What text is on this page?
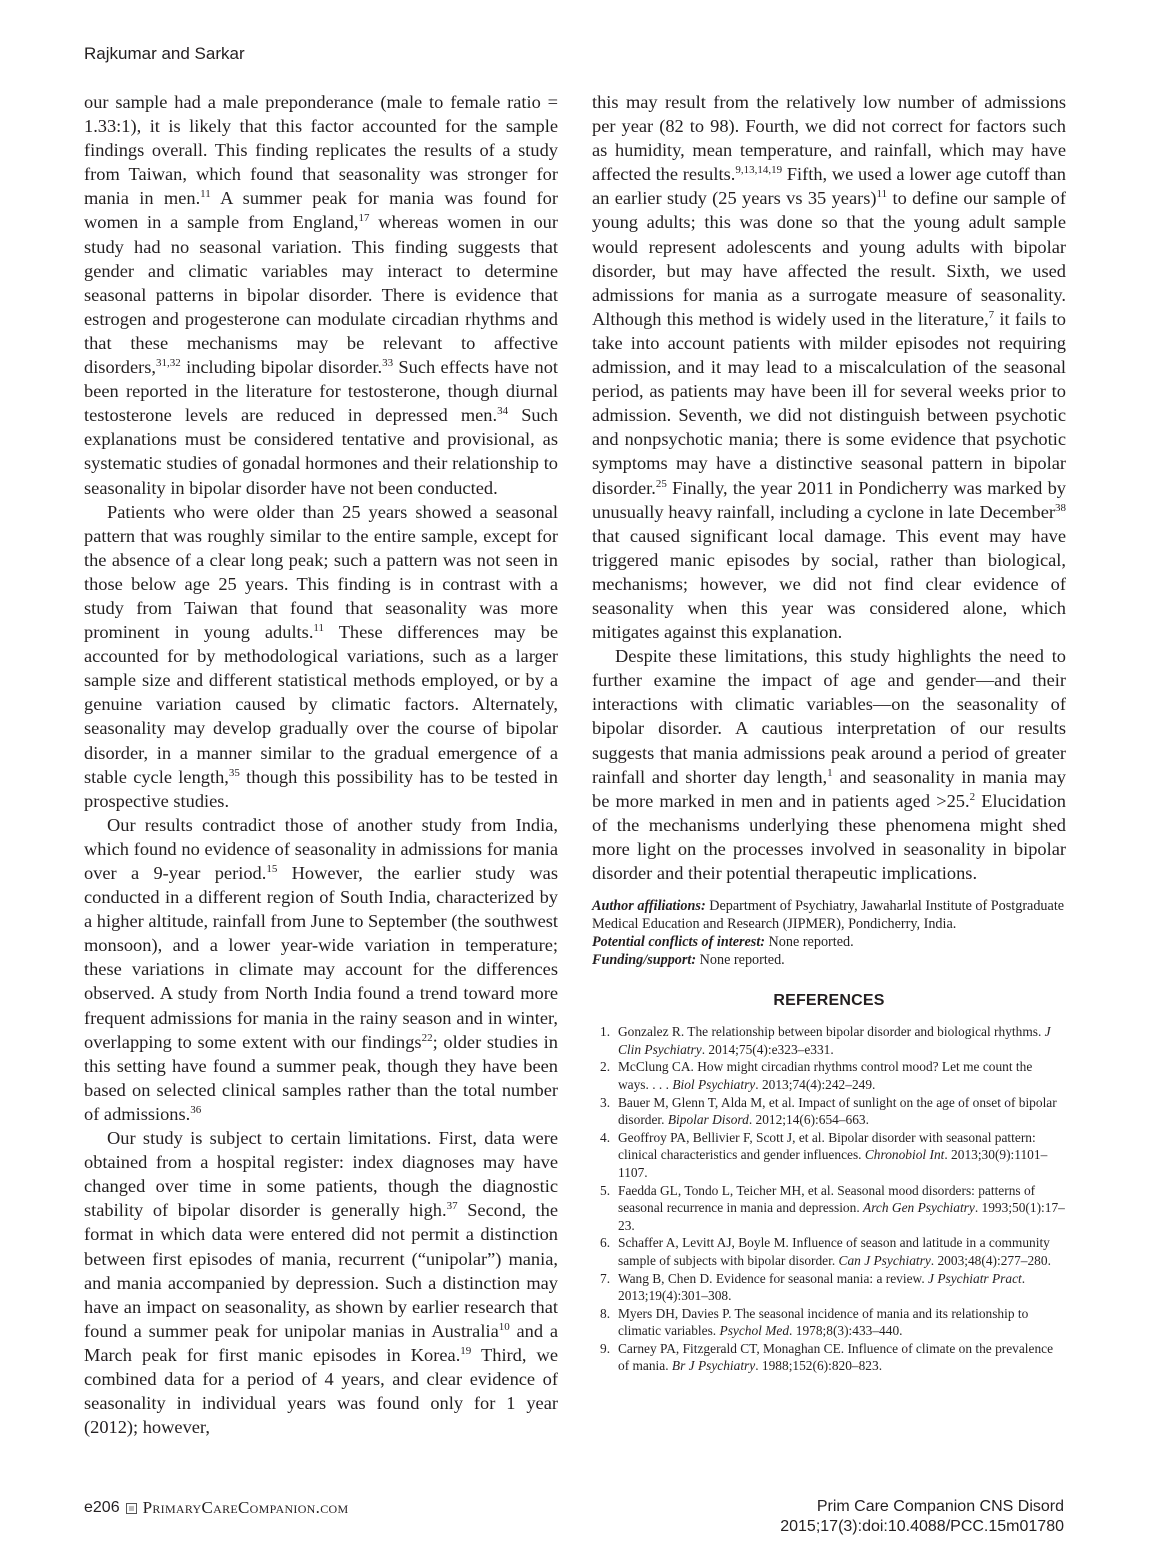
Rajkumar and Sarkar

our sample had a male preponderance (male to female ratio = 1.33:1), it is likely that this factor accounted for the sample findings overall. This finding replicates the results of a study from Taiwan, which found that seasonality was stronger for mania in men.$^{11}$ A summer peak for mania was found for women in a sample from England,$^{17}$ whereas women in our study had no seasonal variation. This finding suggests that gender and climatic variables may interact to determine seasonal patterns in bipolar disorder. There is evidence that estrogen and progesterone can modulate circadian rhythms and that these mechanisms may be relevant to affective disorders,$^{31,32}$ including bipolar disorder.$^{33}$ Such effects have not been reported in the literature for testosterone, though diurnal testosterone levels are reduced in depressed men.$^{34}$ Such explanations must be considered tentative and provisional, as systematic studies of gonadal hormones and their relationship to seasonality in bipolar disorder have not been conducted.

Patients who were older than 25 years showed a seasonal pattern that was roughly similar to the entire sample, except for the absence of a clear long peak; such a pattern was not seen in those below age 25 years. This finding is in contrast with a study from Taiwan that found that seasonality was more prominent in young adults.$^{11}$ These differences may be accounted for by methodological variations, such as a larger sample size and different statistical methods employed, or by a genuine variation caused by climatic factors. Alternately, seasonality may develop gradually over the course of bipolar disorder, in a manner similar to the gradual emergence of a stable cycle length,$^{35}$ though this possibility has to be tested in prospective studies.

Our results contradict those of another study from India, which found no evidence of seasonality in admissions for mania over a 9-year period.$^{15}$ However, the earlier study was conducted in a different region of South India, characterized by a higher altitude, rainfall from June to September (the southwest monsoon), and a lower year-wide variation in temperature; these variations in climate may account for the differences observed. A study from North India found a trend toward more frequent admissions for mania in the rainy season and in winter, overlapping to some extent with our findings$^{22}$; older studies in this setting have found a summer peak, though they have been based on selected clinical samples rather than the total number of admissions.$^{36}$

Our study is subject to certain limitations. First, data were obtained from a hospital register: index diagnoses may have changed over time in some patients, though the diagnostic stability of bipolar disorder is generally high.$^{37}$ Second, the format in which data were entered did not permit a distinction between first episodes of mania, recurrent (“unipolar”) mania, and mania accompanied by depression. Such a distinction may have an impact on seasonality, as shown by earlier research that found a summer peak for unipolar manias in Australia$^{10}$ and a March peak for first manic episodes in Korea.$^{19}$ Third, we combined data for a period of 4 years, and clear evidence of seasonality in individual years was found only for 1 year (2012); however,

this may result from the relatively low number of admissions per year (82 to 98). Fourth, we did not correct for factors such as humidity, mean temperature, and rainfall, which may have affected the results.$^{9,13,14,19}$ Fifth, we used a lower age cutoff than an earlier study (25 years vs 35 years)$^{11}$ to define our sample of young adults; this was done so that the young adult sample would represent adolescents and young adults with bipolar disorder, but may have affected the result. Sixth, we used admissions for mania as a surrogate measure of seasonality. Although this method is widely used in the literature,$^7$ it fails to take into account patients with milder episodes not requiring admission, and it may lead to a miscalculation of the seasonal period, as patients may have been ill for several weeks prior to admission. Seventh, we did not distinguish between psychotic and nonpsychotic mania; there is some evidence that psychotic symptoms may have a distinctive seasonal pattern in bipolar disorder.$^{25}$ Finally, the year 2011 in Pondicherry was marked by unusually heavy rainfall, including a cyclone in late December$^{38}$ that caused significant local damage. This event may have triggered manic episodes by social, rather than biological, mechanisms; however, we did not find clear evidence of seasonality when this year was considered alone, which mitigates against this explanation.

Despite these limitations, this study highlights the need to further examine the impact of age and gender—and their interactions with climatic variables—on the seasonality of bipolar disorder. A cautious interpretation of our results suggests that mania admissions peak around a period of greater rainfall and shorter day length,$^1$ and seasonality in mania may be more marked in men and in patients aged >25.$^2$ Elucidation of the mechanisms underlying these phenomena might shed more light on the processes involved in seasonality in bipolar disorder and their potential therapeutic implications.

Author affiliations: Department of Psychiatry, Jawaharlal Institute of Postgraduate Medical Education and Research (JIPMER), Pondicherry, India.
Potential conflicts of interest: None reported.
Funding/support: None reported.
REFERENCES
1. Gonzalez R. The relationship between bipolar disorder and biological rhythms. J Clin Psychiatry. 2014;75(4):e323–e331.
2. McClung CA. How might circadian rhythms control mood? Let me count the ways. . . . Biol Psychiatry. 2013;74(4):242–249.
3. Bauer M, Glenn T, Alda M, et al. Impact of sunlight on the age of onset of bipolar disorder. Bipolar Disord. 2012;14(6):654–663.
4. Geoffroy PA, Bellivier F, Scott J, et al. Bipolar disorder with seasonal pattern: clinical characteristics and gender influences. Chronobiol Int. 2013;30(9):1101–1107.
5. Faedda GL, Tondo L, Teicher MH, et al. Seasonal mood disorders: patterns of seasonal recurrence in mania and depression. Arch Gen Psychiatry. 1993;50(1):17–23.
6. Schaffer A, Levitt AJ, Boyle M. Influence of season and latitude in a community sample of subjects with bipolar disorder. Can J Psychiatry. 2003;48(4):277–280.
7. Wang B, Chen D. Evidence for seasonal mania: a review. J Psychiatr Pract. 2013;19(4):301–308.
8. Myers DH, Davies P. The seasonal incidence of mania and its relationship to climatic variables. Psychol Med. 1978;8(3):433–440.
9. Carney PA, Fitzgerald CT, Monaghan CE. Influence of climate on the prevalence of mania. Br J Psychiatry. 1988;152(6):820–823.
e206 PrimaryCareCompanion.com	Prim Care Companion CNS Disord
2015;17(3):doi:10.4088/PCC.15m01780
